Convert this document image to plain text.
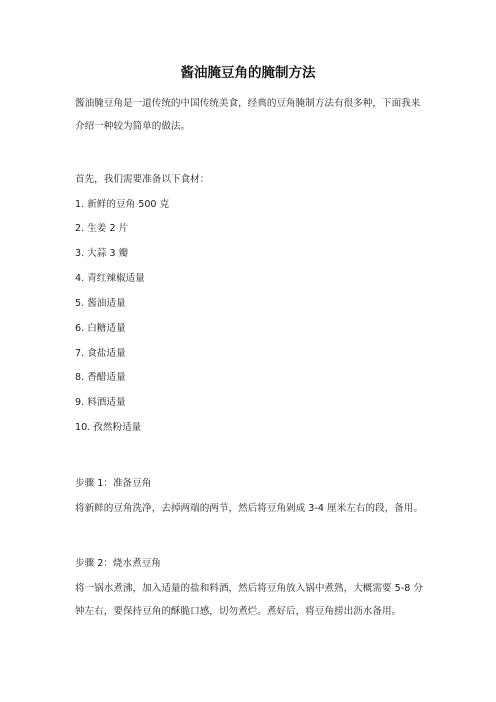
酱油腌豆角的腌制方法
酱油腌豆角是一道传统的中国传统美食，经典的豆角腌制方法有很多种，下面我来介绍一种较为简单的做法。
首先，我们需要准备以下食材：
1. 新鲜的豆角 500 克
2. 生姜 2 片
3. 大蒜 3 瓣
4. 青红辣椒适量
5. 酱油适量
6. 白糖适量
7. 食盐适量
8. 香醋适量
9. 料酒适量
10. 孜然粉适量
步骤 1：准备豆角
将新鲜的豆角洗净，去掉两端的两节，然后将豆角剁成 3-4 厘米左右的段，备用。
步骤 2：烧水煮豆角
将一锅水煮沸，加入适量的盐和料酒，然后将豆角放入锅中煮熟，大概需要 5-8 分钟左右，要保持豆角的酥脆口感，切勿煮烂。煮好后，将豆角捞出沥水备用。
